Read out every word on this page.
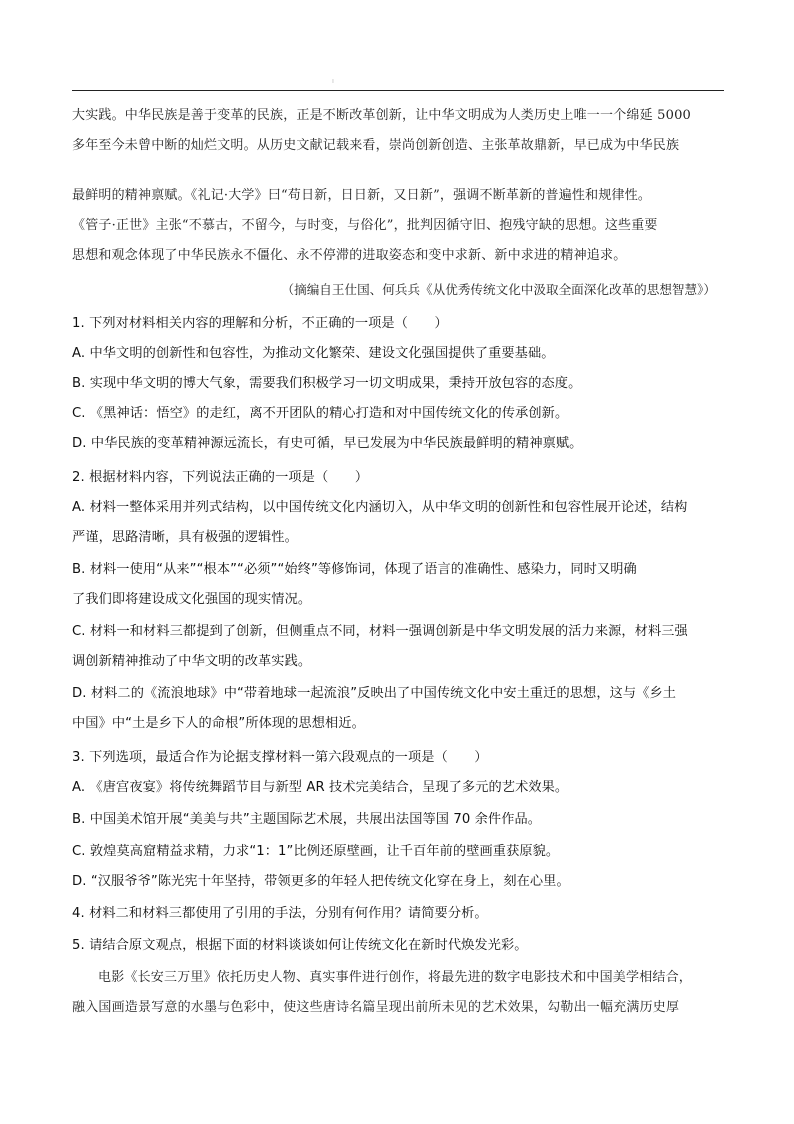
ı
大实践。中华民族是善于变革的民族，正是不断改革创新，让中华文明成为人类历史上唯一一个绵延 5000
多年至今未曾中断的灿烂文明。从历史文献记载来看，崇尚创新创造、主张革故鼎新，早已成为中华民族
最鲜明的精神禀赋。《礼记·大学》曰“苟日新，日日新，又日新”，强调不断革新的普遍性和规律性。
《管子·正世》主张“不慕古，不留今，与时变，与俗化”，批判因循守旧、抱残守缺的思想。这些重要
思想和观念体现了中华民族永不僵化、永不停滞的进取姿态和变中求新、新中求进的精神追求。
（摘编自王仕国、何兵兵《从优秀传统文化中汲取全面深化改革的思想智慧》）
1. 下列对材料相关内容的理解和分析，不正确的一项是（　　）
A. 中华文明的创新性和包容性，为推动文化繁荣、建设文化强国提供了重要基础。
B. 实现中华文明的博大气象，需要我们积极学习一切文明成果，秉持开放包容的态度。
C. 《黑神话：悟空》的走红，离不开团队的精心打造和对中国传统文化的传承创新。
D. 中华民族的变革精神源远流长，有史可循，早已发展为中华民族最鲜明的精神禀赋。
2. 根据材料内容，下列说法正确的一项是（　　）
A. 材料一整体采用并列式结构，以中国传统文化内涵切入，从中华文明的创新性和包容性展开论述，结构
严谨，思路清晰，具有极强的逻辑性。
B. 材料一使用“从来”“根本”“必须”“始终”等修饰词，体现了语言的准确性、感染力，同时又明确
了我们即将建设成文化强国的现实情况。
C. 材料一和材料三都提到了创新，但侧重点不同，材料一强调创新是中华文明发展的活力来源，材料三强
调创新精神推动了中华文明的改革实践。
D. 材料二的《流浪地球》中“带着地球一起流浪”反映出了中国传统文化中安土重迁的思想，这与《乡土
中国》中“土是乡下人的命根”所体现的思想相近。
3. 下列选项，最适合作为论据支撑材料一第六段观点的一项是（　　）
A. 《唐宫夜宴》将传统舞蹈节目与新型 AR 技术完美结合，呈现了多元的艺术效果。
B. 中国美术馆开展“美美与共”主题国际艺术展，共展出法国等国 70 余件作品。
C. 敦煌莫高窟精益求精，力求“1：1”比例还原壁画，让千百年前的壁画重获原貌。
D. “汉服爷爷”陈光宪十年坚持，带领更多的年轻人把传统文化穿在身上，刻在心里。
4. 材料二和材料三都使用了引用的手法，分别有何作用？请简要分析。
5. 请结合原文观点，根据下面的材料谈谈如何让传统文化在新时代焕发光彩。
电影《长安三万里》依托历史人物、真实事件进行创作，将最先进的数字电影技术和中国美学相结合，
融入国画造景写意的水墨与色彩中，使这些唐诗名篇呈现出前所未见的艺术效果，勾勒出一幅充满历史厚
